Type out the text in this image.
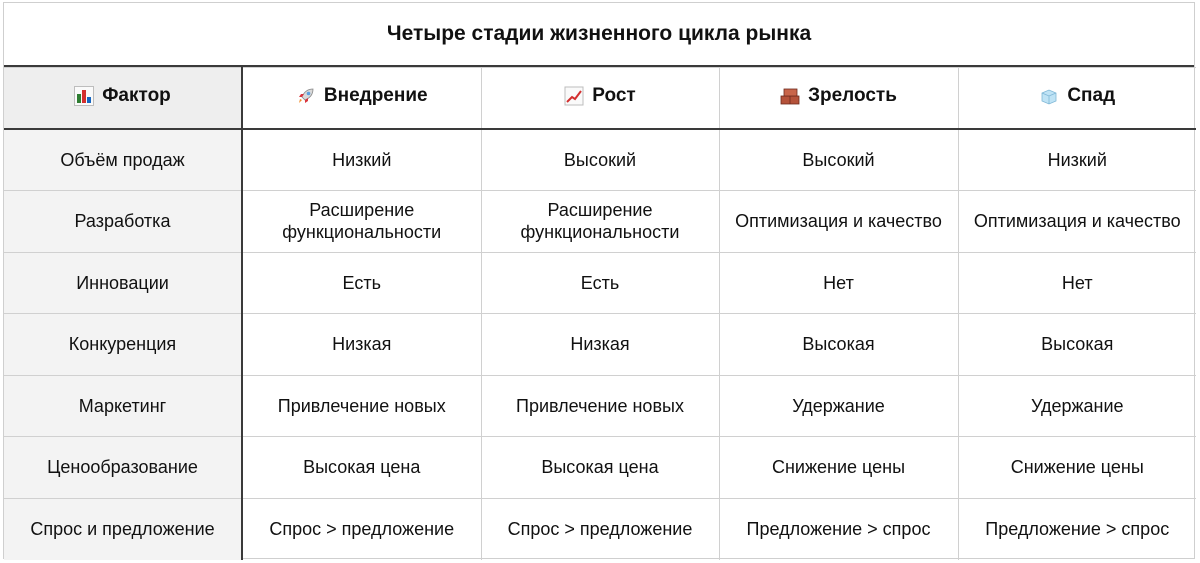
Четыре стадии жизненного цикла рынка
Фактор	Внедрение	Рост	Зрелость	Спад

Объём продаж	Низкий	Высокий	Высокий	Низкий
Разработка	Расширение функциональности	Расширение функциональности	Оптимизация и качество	Оптимизация и качество
Инновации	Есть	Есть	Нет	Нет
Конкуренция	Низкая	Низкая	Высокая	Высокая
Маркетинг	Привлечение новых	Привлечение новых	Удержание	Удержание
Ценообразование	Высокая цена	Высокая цена	Снижение цены	Снижение цены
Спрос и предложение	Спрос > предложение	Спрос > предложение	Предложение > спрос	Предложение > спрос
